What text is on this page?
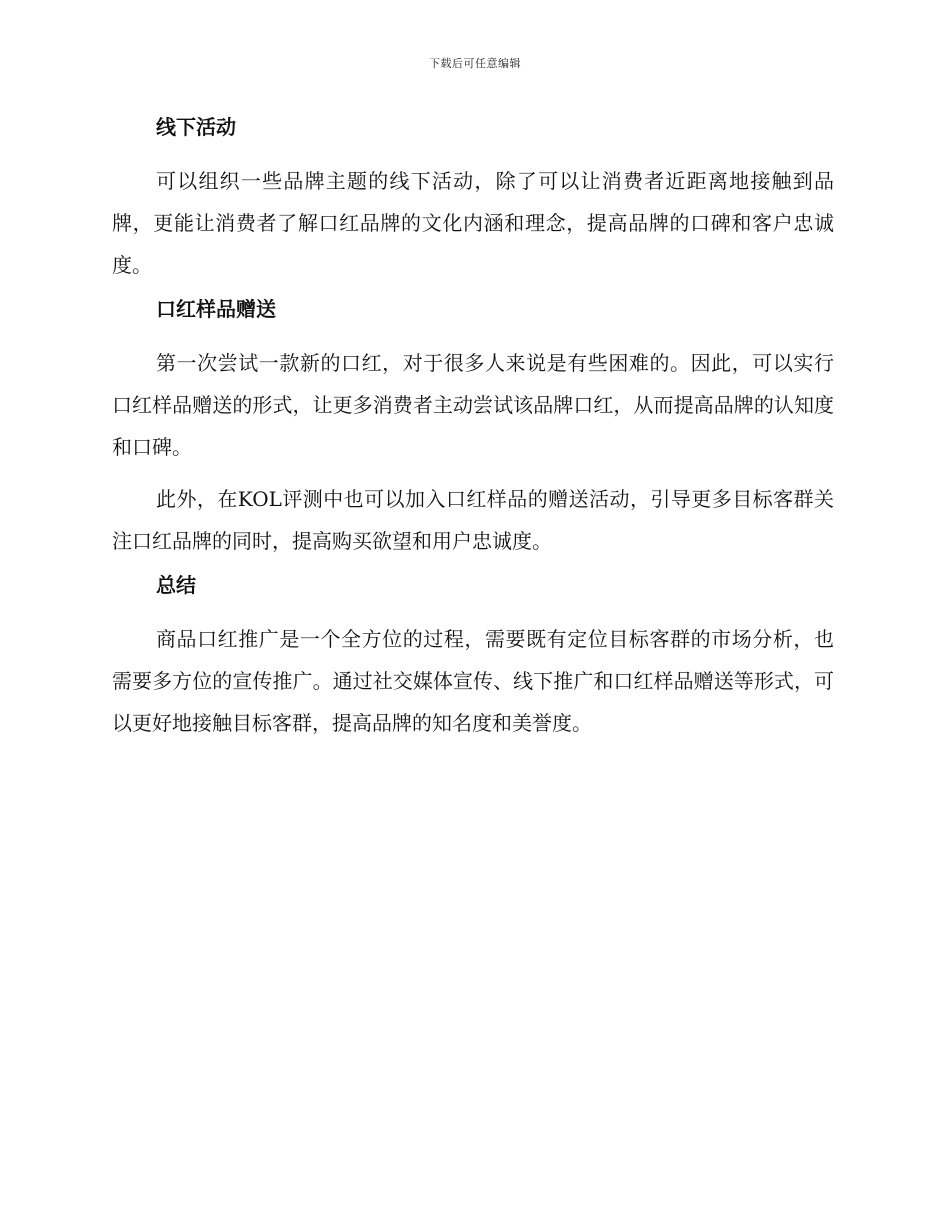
下载后可任意编辑
线下活动

可以组织一些品牌主题的线下活动，除了可以让消费者近距离地接触到品牌，更能让消费者了解口红品牌的文化内涵和理念，提高品牌的口碑和客户忠诚度。

口红样品赠送

第一次尝试一款新的口红，对于很多人来说是有些困难的。因此，可以实行口红样品赠送的形式，让更多消费者主动尝试该品牌口红，从而提高品牌的认知度和口碑。

此外，在KOL评测中也可以加入口红样品的赠送活动，引导更多目标客群关注口红品牌的同时，提高购买欲望和用户忠诚度。

总结

商品口红推广是一个全方位的过程，需要既有定位目标客群的市场分析，也需要多方位的宣传推广。通过社交媒体宣传、线下推广和口红样品赠送等形式，可以更好地接触目标客群，提高品牌的知名度和美誉度。
